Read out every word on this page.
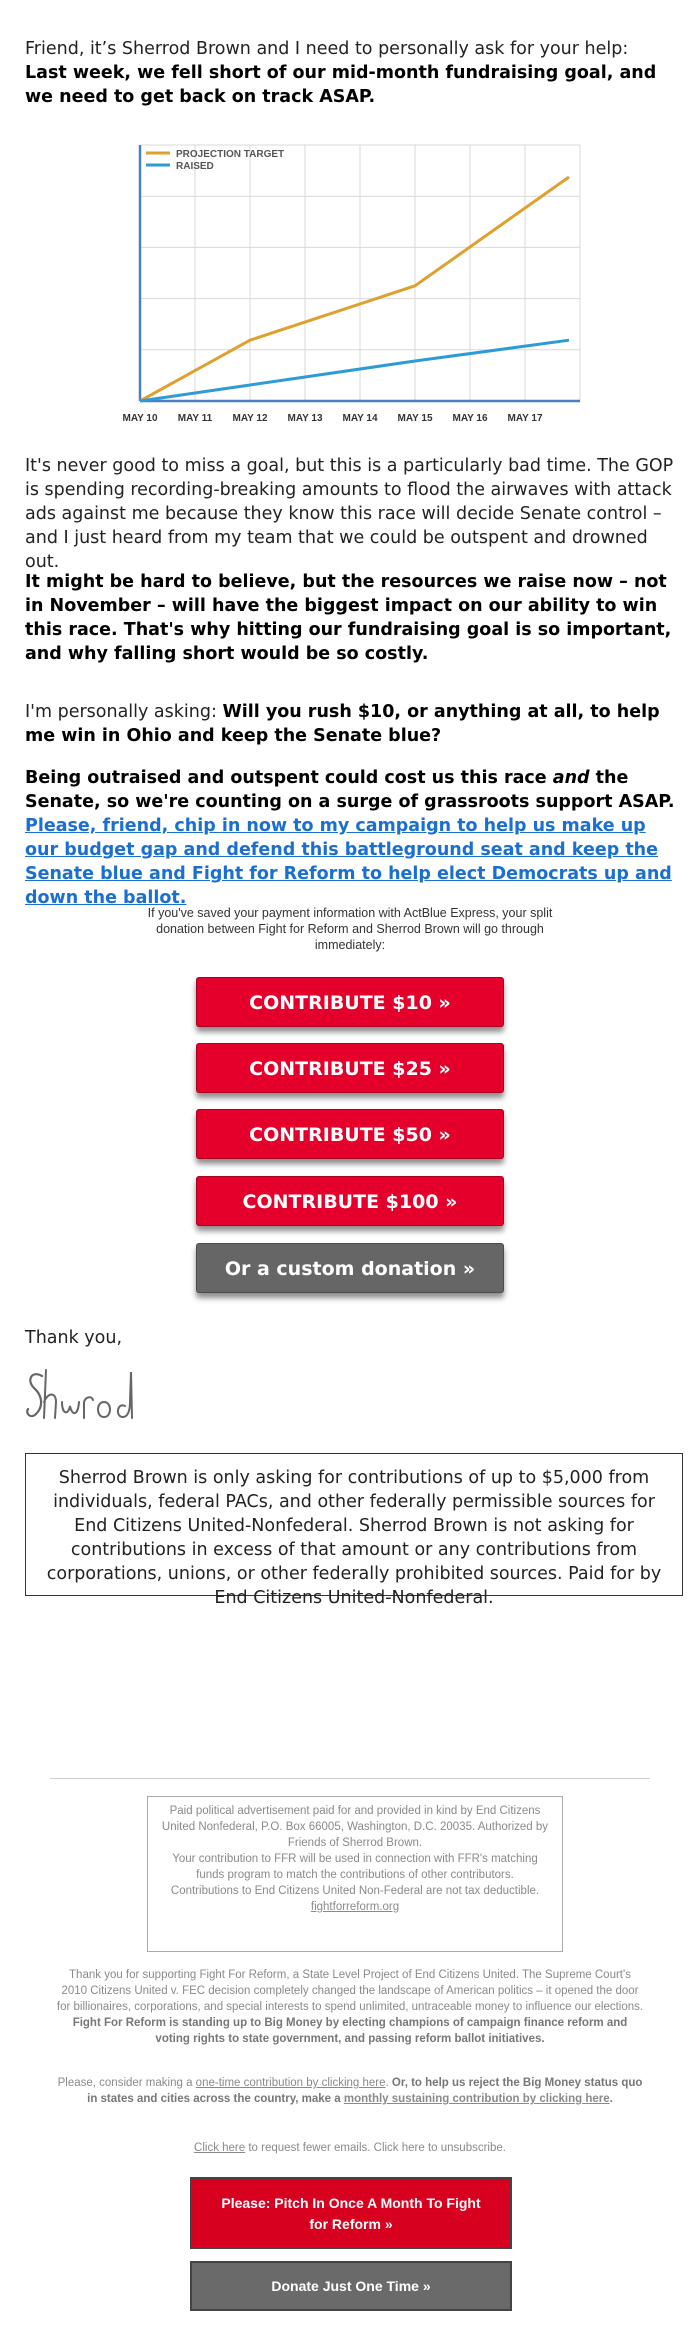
Friend, it’s Sherrod Brown and I need to personally ask for your help: Last week, we fell short of our mid-month fundraising goal, and we need to get back on track ASAP.

MAY 10 MAY 11 MAY 12 MAY 13 MAY 14 MAY 15 MAY 16 MAY 17
PROJECTION TARGET
RAISED

It's never good to miss a goal, but this is a particularly bad time. The GOP is spending recording-breaking amounts to flood the airwaves with attack ads against me because they know this race will decide Senate control – and I just heard from my team that we could be outspent and drowned out.

It might be hard to believe, but the resources we raise now – not in November – will have the biggest impact on our ability to win this race. That's why hitting our fundraising goal is so important, and why falling short would be so costly.

I'm personally asking: Will you rush $10, or anything at all, to help me win in Ohio and keep the Senate blue?

Being outraised and outspent could cost us this race and the Senate, so we're counting on a surge of grassroots support ASAP. Please, friend, chip in now to my campaign to help us make up our budget gap and defend this battleground seat and keep the Senate blue and Fight for Reform to help elect Democrats up and down the ballot.

If you've saved your payment information with ActBlue Express, your split donation between Fight for Reform and Sherrod Brown will go through immediately:
CONTRIBUTE $10 »
CONTRIBUTE $25 »
CONTRIBUTE $50 »
CONTRIBUTE $100 »
Or a custom donation »
Thank you,
Sherrod Brown is only asking for contributions of up to $5,000 from individuals, federal PACs, and other federally permissible sources for End Citizens United-Nonfederal. Sherrod Brown is not asking for contributions in excess of that amount or any contributions from corporations, unions, or other federally prohibited sources. Paid for by End Citizens United-Nonfederal.
Paid political advertisement paid for and provided in kind by End Citizens United Nonfederal, P.O. Box 66005, Washington, D.C. 20035. Authorized by Friends of Sherrod Brown.
Your contribution to FFR will be used in connection with FFR's matching funds program to match the contributions of other contributors.
Contributions to End Citizens United Non-Federal are not tax deductible.
fightforreform.org
Thank you for supporting Fight For Reform, a State Level Project of End Citizens United. The Supreme Court's 2010 Citizens United v. FEC decision completely changed the landscape of American politics – it opened the door for billionaires, corporations, and special interests to spend unlimited, untraceable money to influence our elections. Fight For Reform is standing up to Big Money by electing champions of campaign finance reform and voting rights to state government, and passing reform ballot initiatives.
Please, consider making a one-time contribution by clicking here. Or, to help us reject the Big Money status quo in states and cities across the country, make a monthly sustaining contribution by clicking here.
Click here to request fewer emails. Click here to unsubscribe.
Please: Pitch In Once A Month To Fight for Reform »
Donate Just One Time »
